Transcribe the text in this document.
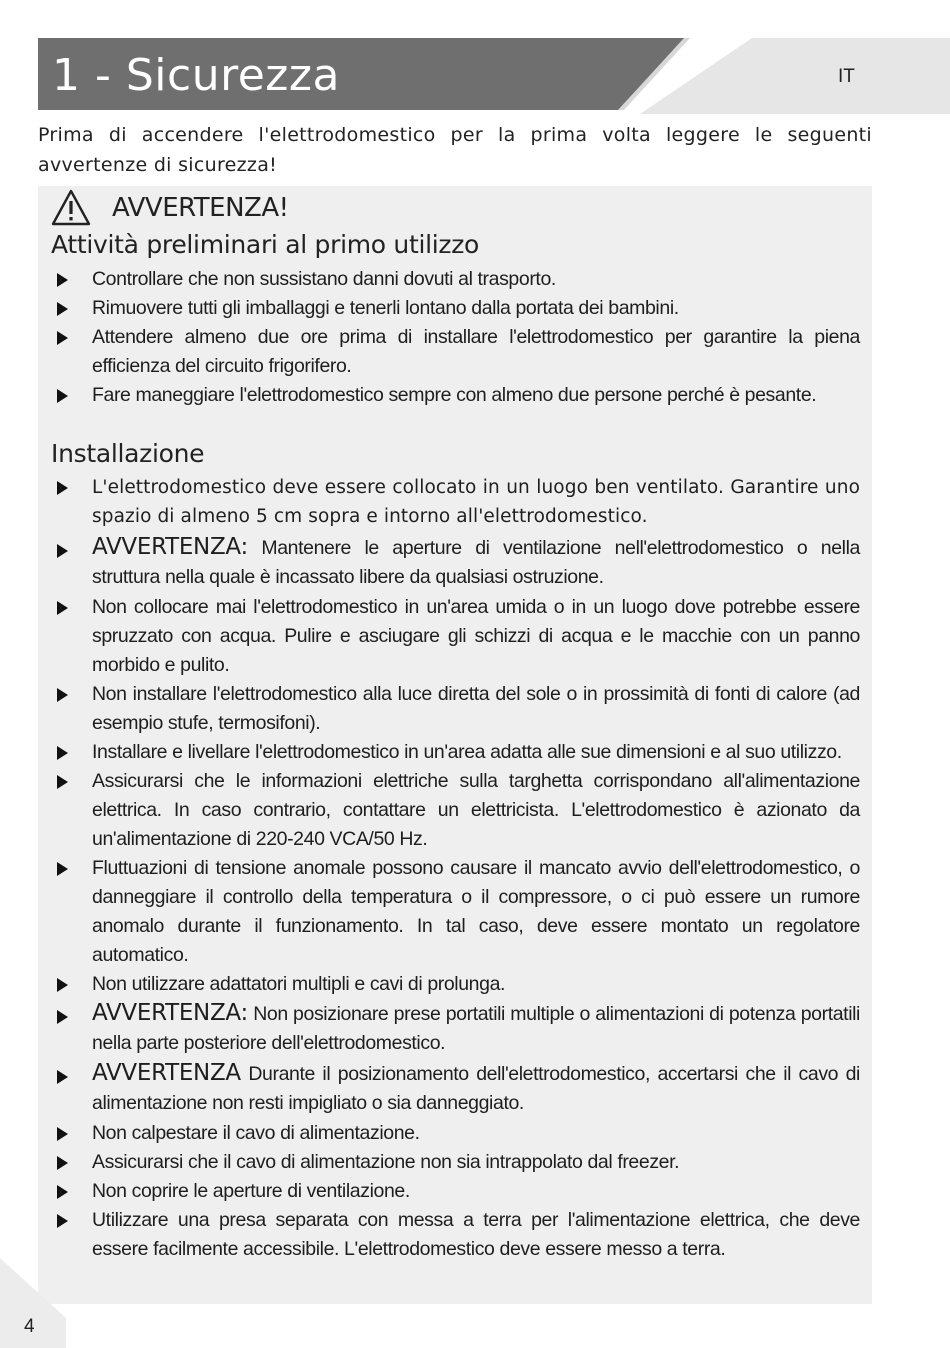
1 - Sicurezza	IT

Prima di accendere l'elettrodomestico per la prima volta leggere le seguenti avvertenze di sicurezza!

AVVERTENZA!
Attività preliminari al primo utilizzo
Controllare che non sussistano danni dovuti al trasporto.
Rimuovere tutti gli imballaggi e tenerli lontano dalla portata dei bambini.
Attendere almeno due ore prima di installare l'elettrodomestico per garantire la piena efficienza del circuito frigorifero.
Fare maneggiare l'elettrodomestico sempre con almeno due persone perché è pesante.
Installazione
L'elettrodomestico deve essere collocato in un luogo ben ventilato. Garantire uno spazio di almeno 5 cm sopra e intorno all'elettrodomestico.
AVVERTENZA: Mantenere le aperture di ventilazione nell'elettrodomestico o nella struttura nella quale è incassato libere da qualsiasi ostruzione.
Non collocare mai l'elettrodomestico in un'area umida o in un luogo dove potrebbe essere spruzzato con acqua. Pulire e asciugare gli schizzi di acqua e le macchie con un panno morbido e pulito.
Non installare l'elettrodomestico alla luce diretta del sole o in prossimità di fonti di calore (ad esempio stufe, termosifoni).
Installare e livellare l'elettrodomestico in un'area adatta alle sue dimensioni e al suo utilizzo.
Assicurarsi che le informazioni elettriche sulla targhetta corrispondano all'alimentazione elettrica. In caso contrario, contattare un elettricista. L'elettrodomestico è azionato da un'alimentazione di 220-240 VCA/50 Hz.
Fluttuazioni di tensione anomale possono causare il mancato avvio dell'elettrodomestico, o danneggiare il controllo della temperatura o il compressore, o ci può essere un rumore anomalo durante il funzionamento. In tal caso, deve essere montato un regolatore automatico.
Non utilizzare adattatori multipli e cavi di prolunga.
AVVERTENZA: Non posizionare prese portatili multiple o alimentazioni di potenza portatili nella parte posteriore dell'elettrodomestico.
AVVERTENZA Durante il posizionamento dell'elettrodomestico, accertarsi che il cavo di alimentazione non resti impigliato o sia danneggiato.
Non calpestare il cavo di alimentazione.
Assicurarsi che il cavo di alimentazione non sia intrappolato dal freezer.
Non coprire le aperture di ventilazione.
Utilizzare una presa separata con messa a terra per l'alimentazione elettrica, che deve essere facilmente accessibile. L'elettrodomestico deve essere messo a terra.
4
